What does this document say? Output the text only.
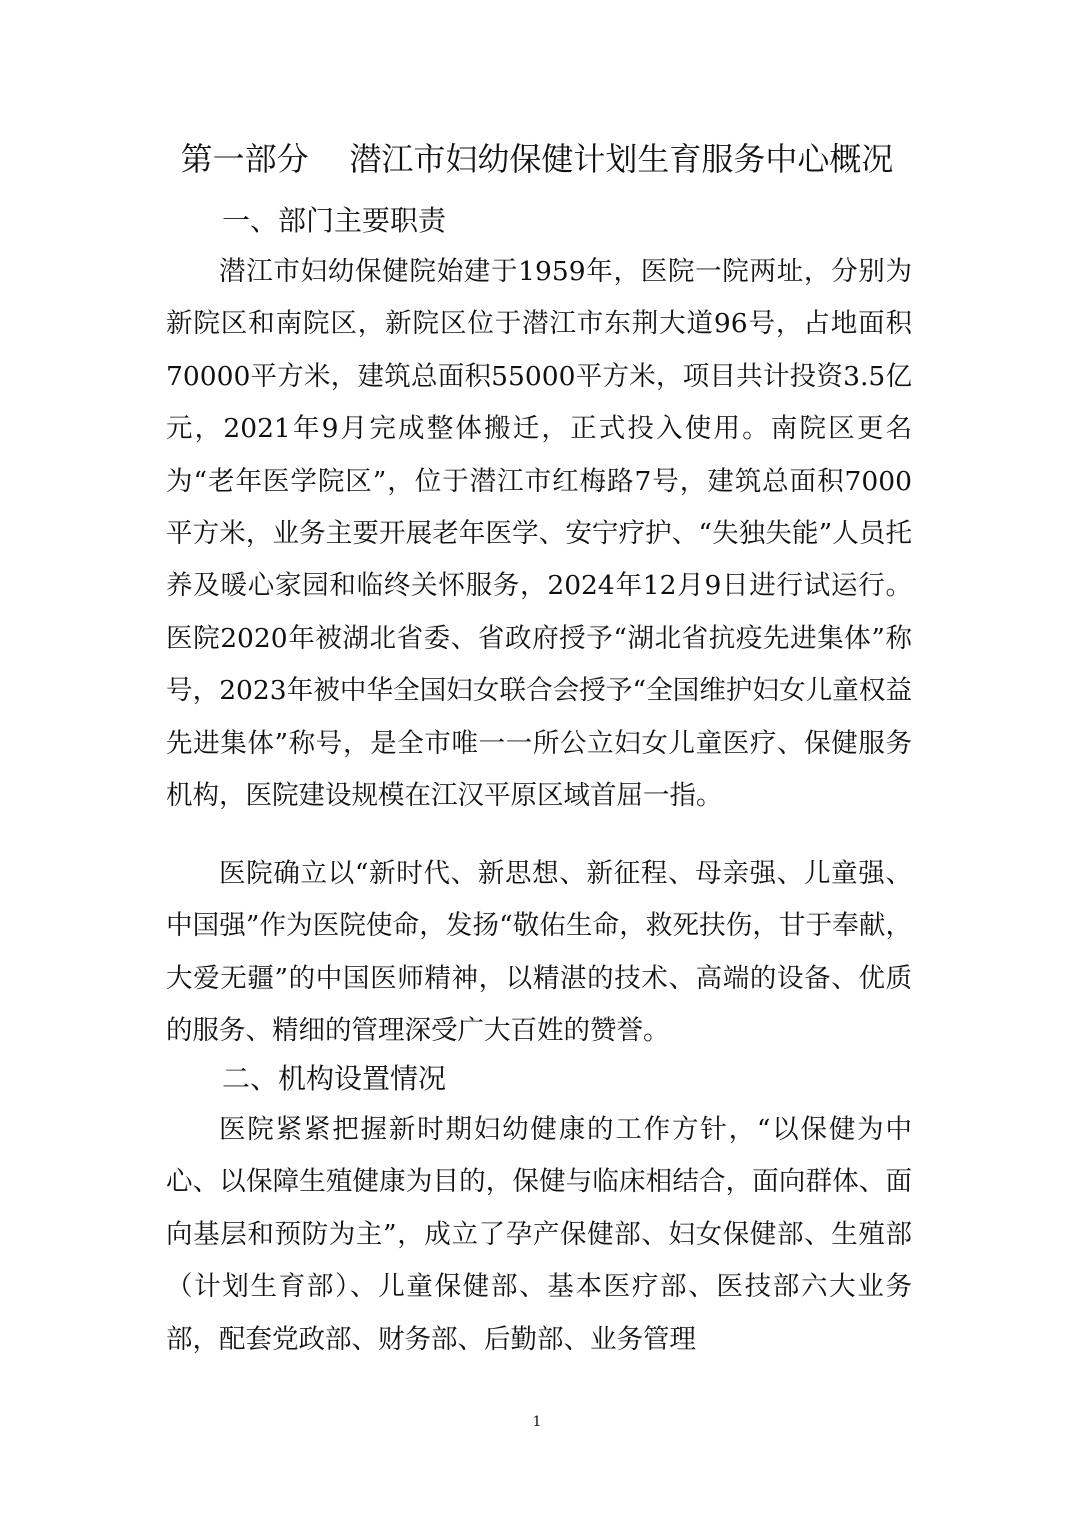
第一部分    潜江市妇幼保健计划生育服务中心概况
一、部门主要职责

潜江市妇幼保健院始建于1959年，医院一院两址，分别为新院区和南院区，新院区位于潜江市东荆大道96号，占地面积70000平方米，建筑总面积55000平方米，项目共计投资3.5亿元，2021年9月完成整体搬迁，正式投入使用。南院区更名为“老年医学院区”，位于潜江市红梅路7号，建筑总面积7000平方米，业务主要开展老年医学、安宁疗护、“失独失能”人员托养及暖心家园和临终关怀服务，2024年12月9日进行试运行。医院2020年被湖北省委、省政府授予“湖北省抗疫先进集体”称号，2023年被中华全国妇女联合会授予“全国维护妇女儿童权益先进集体”称号，是全市唯一一所公立妇女儿童医疗、保健服务机构，医院建设规模在江汉平原区域首屈一指。

医院确立以“新时代、新思想、新征程、母亲强、儿童强、中国强”作为医院使命，发扬“敬佑生命，救死扶伤，甘于奉献，大爱无疆”的中国医师精神，以精湛的技术、高端的设备、优质的服务、精细的管理深受广大百姓的赞誉。

二、机构设置情况

医院紧紧把握新时期妇幼健康的工作方针，“以保健为中心、以保障生殖健康为目的，保健与临床相结合，面向群体、面向基层和预防为主”，成立了孕产保健部、妇女保健部、生殖部（计划生育部）、儿童保健部、基本医疗部、医技部六大业务部，配套党政部、财务部、后勤部、业务管理

1
